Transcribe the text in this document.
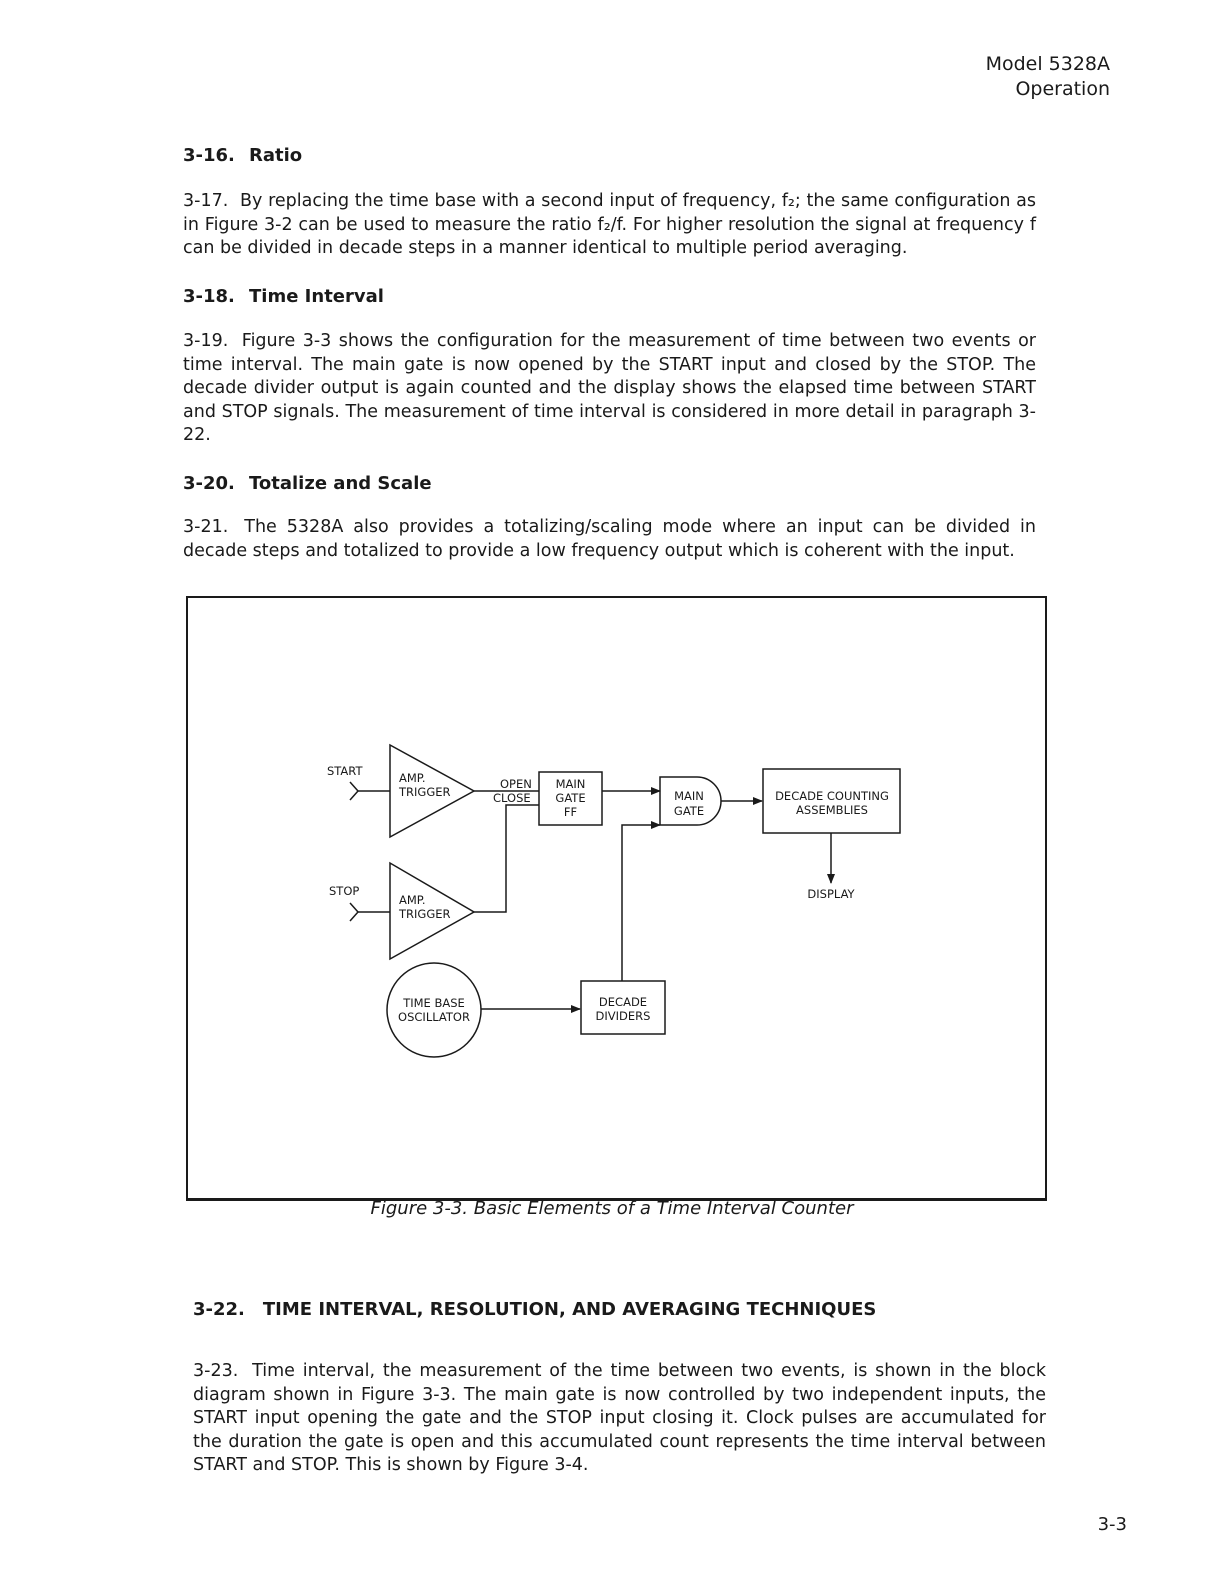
Model 5328A
Operation
3-16. Ratio
3-17. By replacing the time base with a second input of frequency, f₂; the same configuration as in Figure 3-2 can be used to measure the ratio f₂/f. For higher resolution the signal at frequency f can be divided in decade steps in a manner identical to multiple period averaging.
3-18. Time Interval
3-19. Figure 3-3 shows the configuration for the measurement of time between two events or time interval. The main gate is now opened by the START input and closed by the STOP. The decade divider output is again counted and the display shows the elapsed time between START and STOP signals. The measurement of time interval is considered in more detail in paragraph 3-22.
3-20. Totalize and Scale
3-21. The 5328A also provides a totalizing/scaling mode where an input can be divided in decade steps and totalized to provide a low frequency output which is coherent with the input.
START	AMP.
TRIGGER
OPEN
CLOSE
MAIN
GATE
FF
MAIN
GATE
DECADE COUNTING
ASSEMBLIES
DISPLAY
STOP
AMP.
TRIGGER
TIME BASE
OSCILLATOR
DECADE
DIVIDERS
Figure 3-3. Basic Elements of a Time Interval Counter
3-22. TIME INTERVAL, RESOLUTION, AND AVERAGING TECHNIQUES
3-23. Time interval, the measurement of the time between two events, is shown in the block diagram shown in Figure 3-3. The main gate is now controlled by two independent inputs, the START input opening the gate and the STOP input closing it. Clock pulses are accumulated for the duration the gate is open and this accumulated count represents the time interval between START and STOP. This is shown by Figure 3-4.
3-3
